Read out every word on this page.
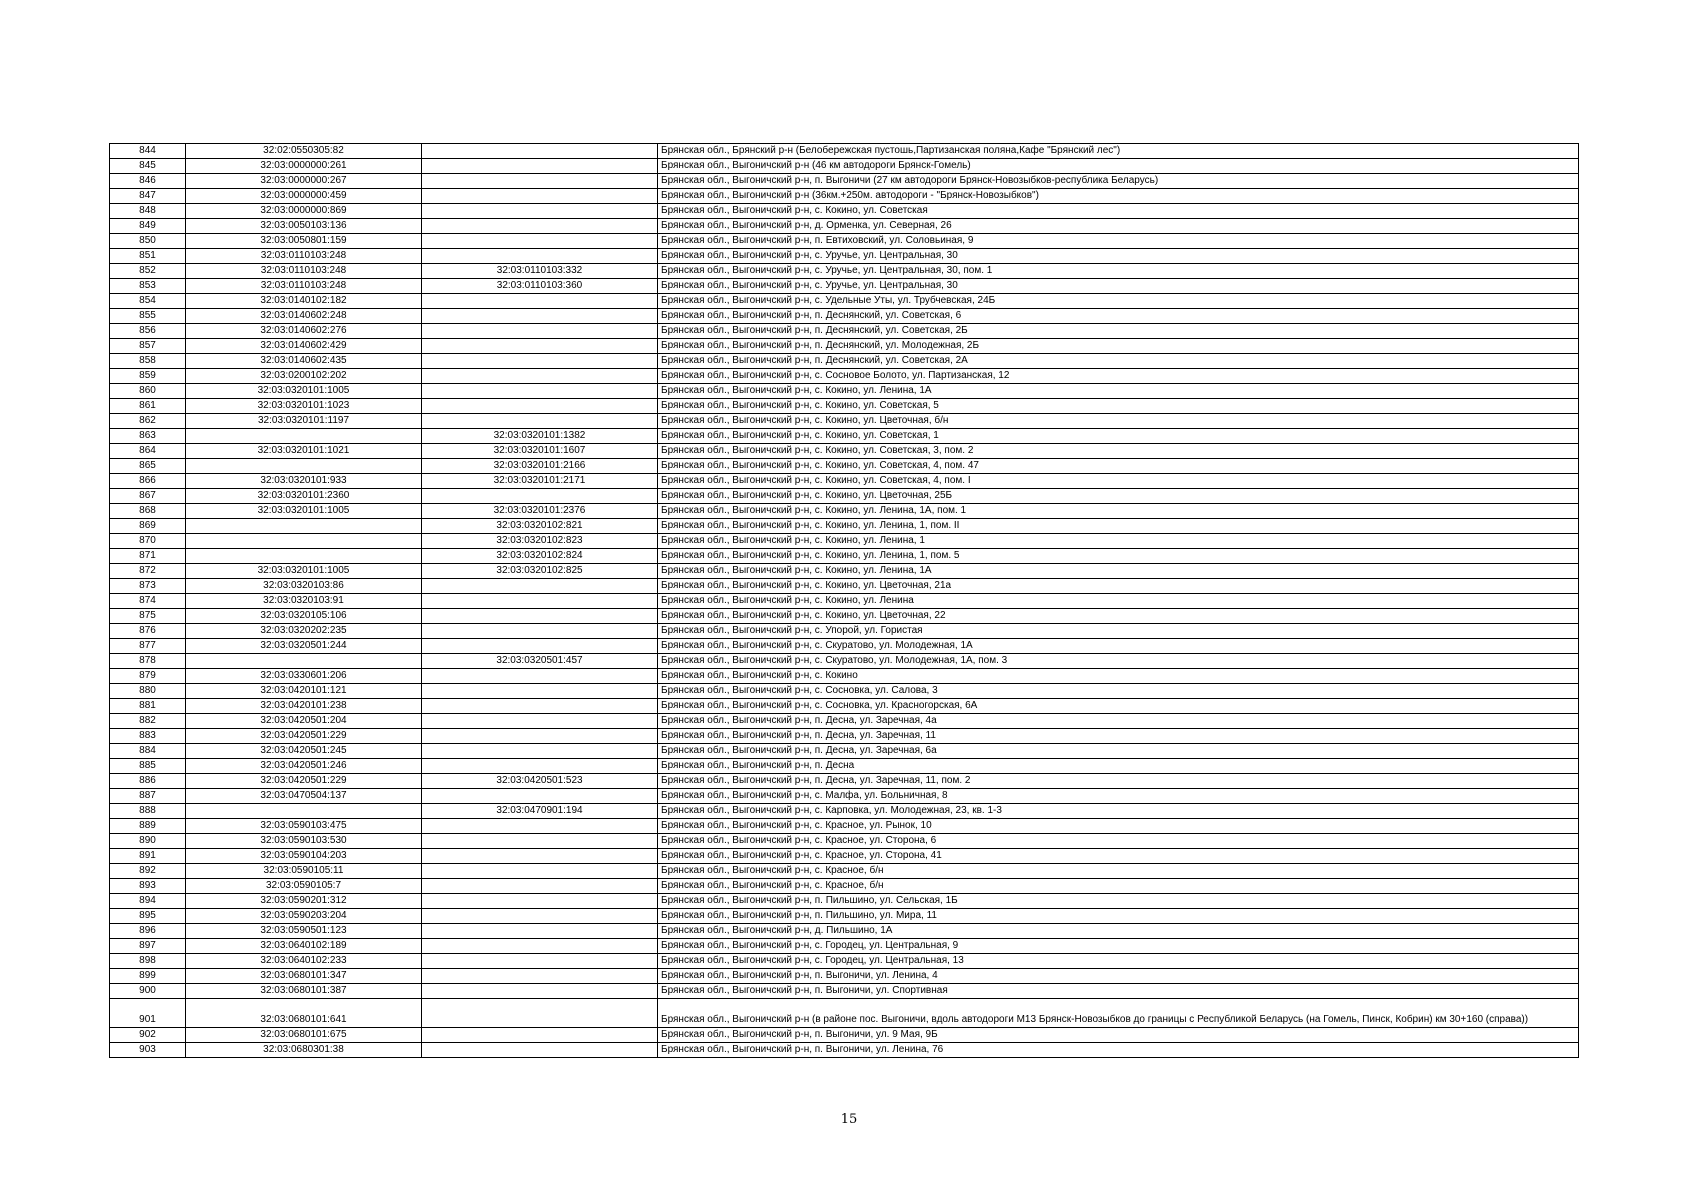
844	32:02:0550305:82		Брянская обл., Брянский р-н (Белобережская пустошь,Партизанская поляна,Кафе "Брянский лес")
845	32:03:0000000:261		Брянская обл., Выгоничский р-н (46 км автодороги Брянск-Гомель)
846	32:03:0000000:267		Брянская обл., Выгоничский р-н, п. Выгоничи (27 км автодороги Брянск-Новозыбков-республика Беларусь)
847	32:03:0000000:459		Брянская обл., Выгоничский р-н (36км.+250м. автодороги - "Брянск-Новозыбков")
848	32:03:0000000:869		Брянская обл., Выгоничский р-н, с. Кокино, ул. Советская
849	32:03:0050103:136		Брянская обл., Выгоничский р-н, д. Орменка, ул. Северная, 26
850	32:03:0050801:159		Брянская обл., Выгоничский р-н, п. Евтиховский, ул. Соловьиная, 9
851	32:03:0110103:248		Брянская обл., Выгоничский р-н, с. Уручье, ул. Центральная, 30
852	32:03:0110103:248	32:03:0110103:332	Брянская обл., Выгоничский р-н, с. Уручье, ул. Центральная, 30, пом. 1
853	32:03:0110103:248	32:03:0110103:360	Брянская обл., Выгоничский р-н, с. Уручье, ул. Центральная, 30
854	32:03:0140102:182		Брянская обл., Выгоничский р-н, с. Удельные Уты, ул. Трубчевская, 24Б
855	32:03:0140602:248		Брянская обл., Выгоничский р-н, п. Деснянский, ул. Советская, 6
856	32:03:0140602:276		Брянская обл., Выгоничский р-н, п. Деснянский, ул. Советская, 2Б
857	32:03:0140602:429		Брянская обл., Выгоничский р-н, п. Деснянский, ул. Молодежная, 2Б
858	32:03:0140602:435		Брянская обл., Выгоничский р-н, п. Деснянский, ул. Советская, 2А
859	32:03:0200102:202		Брянская обл., Выгоничский р-н, с. Сосновое Болото, ул. Партизанская, 12
860	32:03:0320101:1005		Брянская обл., Выгоничский р-н, с. Кокино, ул. Ленина, 1А
861	32:03:0320101:1023		Брянская обл., Выгоничский р-н, с. Кокино, ул. Советская, 5
862	32:03:0320101:1197		Брянская обл., Выгоничский р-н, с. Кокино, ул. Цветочная, б/н
863		32:03:0320101:1382	Брянская обл., Выгоничский р-н, с. Кокино, ул. Советская, 1
864	32:03:0320101:1021	32:03:0320101:1607	Брянская обл., Выгоничский р-н, с. Кокино, ул. Советская, 3, пом. 2
865		32:03:0320101:2166	Брянская обл., Выгоничский р-н, с. Кокино, ул. Советская, 4, пом. 47
866	32:03:0320101:933	32:03:0320101:2171	Брянская обл., Выгоничский р-н, с. Кокино, ул. Советская, 4, пом. I
867	32:03:0320101:2360		Брянская обл., Выгоничский р-н, с. Кокино, ул. Цветочная, 25Б
868	32:03:0320101:1005	32:03:0320101:2376	Брянская обл., Выгоничский р-н, с. Кокино, ул. Ленина, 1А, пом. 1
869		32:03:0320102:821	Брянская обл., Выгоничский р-н, с. Кокино, ул. Ленина, 1, пом. II
870		32:03:0320102:823	Брянская обл., Выгоничский р-н, с. Кокино, ул. Ленина, 1
871		32:03:0320102:824	Брянская обл., Выгоничский р-н, с. Кокино, ул. Ленина, 1, пом. 5
872	32:03:0320101:1005	32:03:0320102:825	Брянская обл., Выгоничский р-н, с. Кокино, ул. Ленина, 1А
873	32:03:0320103:86		Брянская обл., Выгоничский р-н, с. Кокино, ул. Цветочная, 21а
874	32:03:0320103:91		Брянская обл., Выгоничский р-н, с. Кокино, ул. Ленина
875	32:03:0320105:106		Брянская обл., Выгоничский р-н, с. Кокино, ул. Цветочная, 22
876	32:03:0320202:235		Брянская обл., Выгоничский р-н, с. Упорой, ул. Гористая
877	32:03:0320501:244		Брянская обл., Выгоничский р-н, с. Скуратово, ул. Молодежная, 1А
878		32:03:0320501:457	Брянская обл., Выгоничский р-н, с. Скуратово, ул. Молодежная, 1А, пом. 3
879	32:03:0330601:206		Брянская обл., Выгоничский р-н, с. Кокино
880	32:03:0420101:121		Брянская обл., Выгоничский р-н, с. Сосновка, ул. Салова, 3
881	32:03:0420101:238		Брянская обл., Выгоничский р-н, с. Сосновка, ул. Красногорская, 6А
882	32:03:0420501:204		Брянская обл., Выгоничский р-н, п. Десна, ул. Заречная, 4а
883	32:03:0420501:229		Брянская обл., Выгоничский р-н, п. Десна, ул. Заречная, 11
884	32:03:0420501:245		Брянская обл., Выгоничский р-н, п. Десна, ул. Заречная, 6а
885	32:03:0420501:246		Брянская обл., Выгоничский р-н, п. Десна
886	32:03:0420501:229	32:03:0420501:523	Брянская обл., Выгоничский р-н, п. Десна, ул. Заречная, 11, пом. 2
887	32:03:0470504:137		Брянская обл., Выгоничский р-н, с. Малфа, ул. Больничная, 8
888		32:03:0470901:194	Брянская обл., Выгоничский р-н, с. Карповка, ул. Молодежная, 23, кв. 1-3
889	32:03:0590103:475		Брянская обл., Выгоничский р-н, с. Красное, ул. Рынок, 10
890	32:03:0590103:530		Брянская обл., Выгоничский р-н, с. Красное, ул. Сторона, 6
891	32:03:0590104:203		Брянская обл., Выгоничский р-н, с. Красное, ул. Сторона, 41
892	32:03:0590105:11		Брянская обл., Выгоничский р-н, с. Красное, б/н
893	32:03:0590105:7		Брянская обл., Выгоничский р-н, с. Красное, б/н
894	32:03:0590201:312		Брянская обл., Выгоничский р-н, п. Пильшино, ул. Сельская, 1Б
895	32:03:0590203:204		Брянская обл., Выгоничский р-н, п. Пильшино, ул. Мира, 11
896	32:03:0590501:123		Брянская обл., Выгоничский р-н, д. Пильшино, 1А
897	32:03:0640102:189		Брянская обл., Выгоничский р-н, с. Городец, ул. Центральная, 9
898	32:03:0640102:233		Брянская обл., Выгоничский р-н, с. Городец, ул. Центральная, 13
899	32:03:0680101:347		Брянская обл., Выгоничский р-н, п. Выгоничи, ул. Ленина, 4
900	32:03:0680101:387		Брянская обл., Выгоничский р-н, п. Выгоничи, ул. Спортивная
901	32:03:0680101:641		Брянская обл., Выгоничский р-н (в районе пос. Выгоничи, вдоль автодороги М13 Брянск-Новозыбков до границы с Республикой Беларусь (на Гомель, Пинск, Кобрин) км 30+160 (справа))
902	32:03:0680101:675		Брянская обл., Выгоничский р-н, п. Выгоничи, ул. 9 Мая, 9Б
903	32:03:0680301:38		Брянская обл., Выгоничский р-н, п. Выгоничи, ул. Ленина, 76
15
